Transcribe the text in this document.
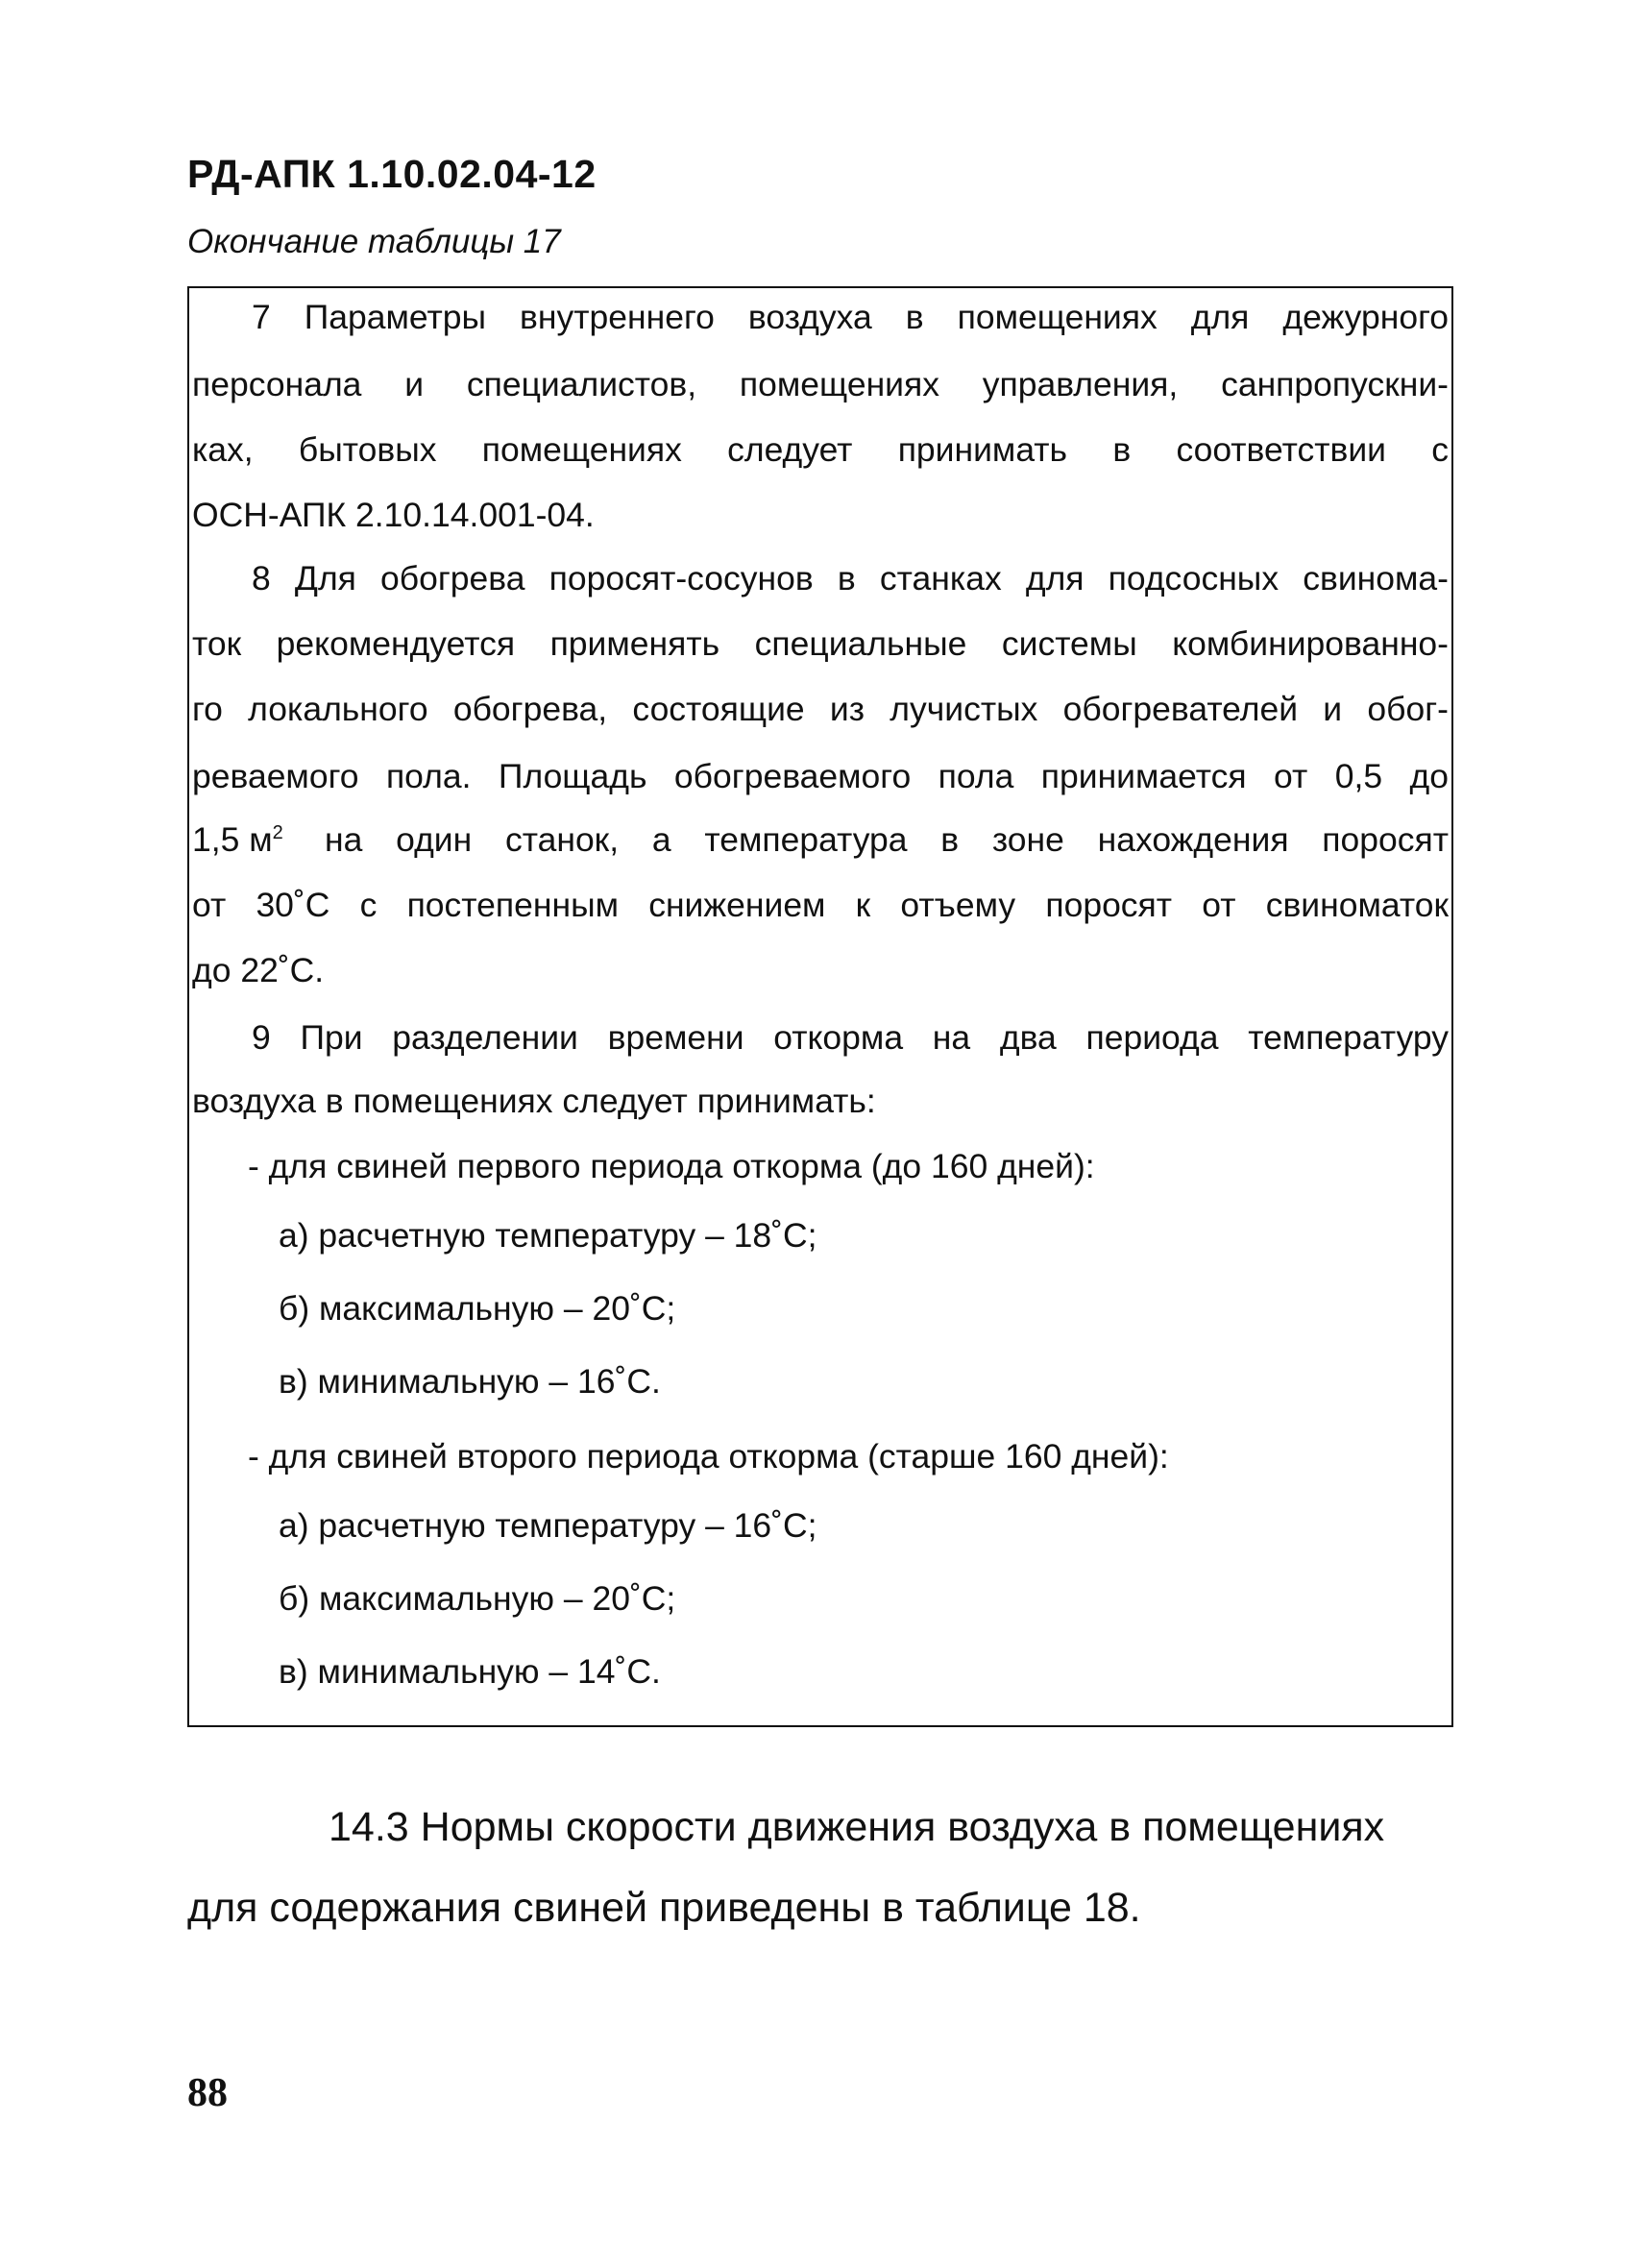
РД-АПК 1.10.02.04-12

Окончание таблицы 17

7 Параметры внутреннего воздуха в помещениях для дежурного

персонала и специалистов, помещениях управления, санпропускни-

ках, бытовых помещениях следует принимать в соответствии с

ОСН-АПК 2.10.14.001-04.

8 Для обогрева поросят-сосунов в станках для подсосных свинома-

ток рекомендуется применять специальные системы комбинированно-

го локального обогрева, состоящие из лучистых обогревателей и обог-

реваемого пола. Площадь обогреваемого пола принимается от 0,5 до

1,5 $м^2$ на один станок, а температура в зоне нахождения поросят

от 30˚С с постепенным снижением к отъему поросят от свиноматок

до 22˚С.

9 При разделении времени откорма на два периода температуру

воздуха в помещениях следует принимать:

- для свиней первого периода откорма (до 160 дней):

а) расчетную температуру – 18˚С;

б) максимальную – 20˚С;

в) минимальную – 16˚С.

- для свиней второго периода откорма (старше 160 дней):

а) расчетную температуру – 16˚С;

б) максимальную – 20˚С;

в) минимальную – 14˚С.

14.3 Нормы скорости движения воздуха в помещениях

для содержания свиней приведены в таблице 18.

88
